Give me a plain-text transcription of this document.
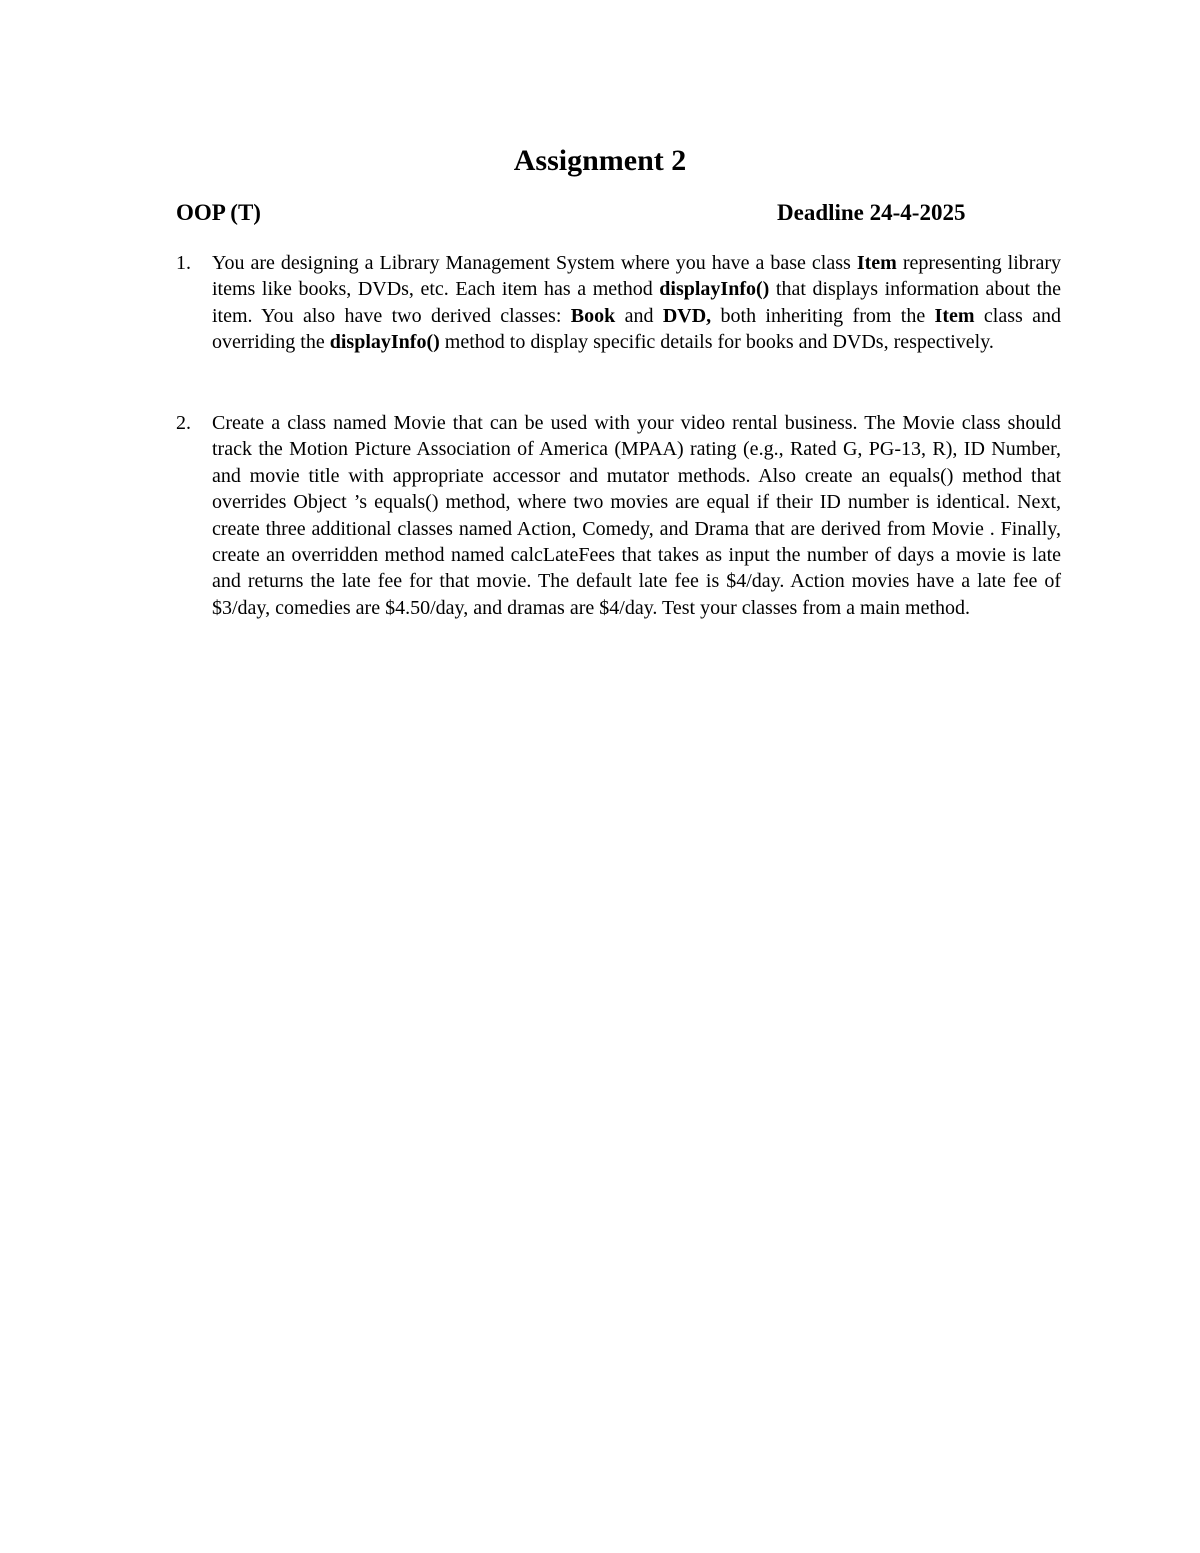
Assignment 2
OOP (T)	Deadline 24-4-2025
1.	You are designing a Library Management System where you have a base class Item representing library items like books, DVDs, etc. Each item has a method displayInfo() that displays information about the item. You also have two derived classes: Book and DVD, both inheriting from the Item class and overriding the displayInfo() method to display specific details for books and DVDs, respectively.
2.	Create a class named Movie that can be used with your video rental business. The Movie class should track the Motion Picture Association of America (MPAA) rating (e.g., Rated G, PG-13, R), ID Number, and movie title with appropriate accessor and mutator methods. Also create an equals() method that overrides Object ’s equals() method, where two movies are equal if their ID number is identical. Next, create three additional classes named Action, Comedy, and Drama that are derived from Movie . Finally, create an overridden method named calcLateFees that takes as input the number of days a movie is late and returns the late fee for that movie. The default late fee is $4/day. Action movies have a late fee of $3/day, comedies are $4.50/day, and dramas are $4/day. Test your classes from a main method.
